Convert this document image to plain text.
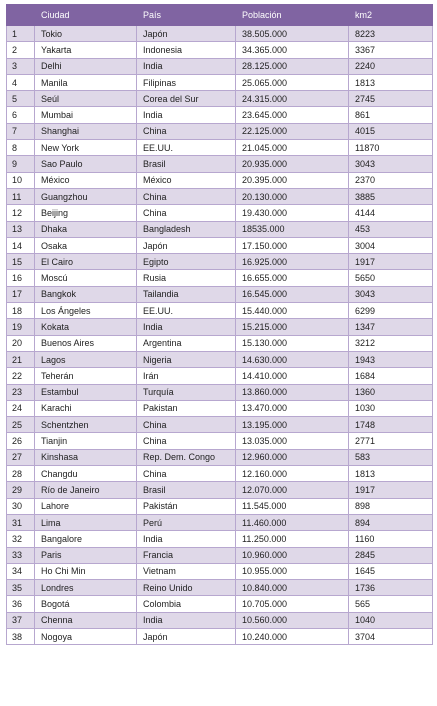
	Ciudad	País	Población	km2
1	Tokio	Japón	38.505.000	8223
2	Yakarta	Indonesia	34.365.000	3367
3	Delhi	India	28.125.000	2240
4	Manila	Filipinas	25.065.000	1813
5	Seúl	Corea del Sur	24.315.000	2745
6	Mumbai	India	23.645.000	861
7	Shanghai	China	22.125.000	4015
8	New York	EE.UU.	21.045.000	11870
9	Sao Paulo	Brasil	20.935.000	3043
10	México	México	20.395.000	2370
11	Guangzhou	China	20.130.000	3885
12	Beijing	China	19.430.000	4144
13	Dhaka	Bangladesh	18535.000	453
14	Osaka	Japón	17.150.000	3004
15	El Cairo	Egipto	16.925.000	1917
16	Moscú	Rusia	16.655.000	5650
17	Bangkok	Tailandia	16.545.000	3043
18	Los Ángeles	EE.UU.	15.440.000	6299
19	Kokata	India	15.215.000	1347
20	Buenos Aires	Argentina	15.130.000	3212
21	Lagos	Nigeria	14.630.000	1943
22	Teherán	Irán	14.410.000	1684
23	Estambul	Turquía	13.860.000	1360
24	Karachi	Pakistan	13.470.000	1030
25	Schentzhen	China	13.195.000	1748
26	Tianjin	China	13.035.000	2771
27	Kinshasa	Rep. Dem. Congo	12.960.000	583
28	Changdu	China	12.160.000	1813
29	Río de Janeiro	Brasil	12.070.000	1917
30	Lahore	Pakistán	11.545.000	898
31	Lima	Perú	11.460.000	894
32	Bangalore	India	11.250.000	1160
33	Paris	Francia	10.960.000	2845
34	Ho Chi Min	Vietnam	10.955.000	1645
35	Londres	Reino Unido	10.840.000	1736
36	Bogotá	Colombia	10.705.000	565
37	Chenna	India	10.560.000	1040
38	Nogoya	Japón	10.240.000	3704
